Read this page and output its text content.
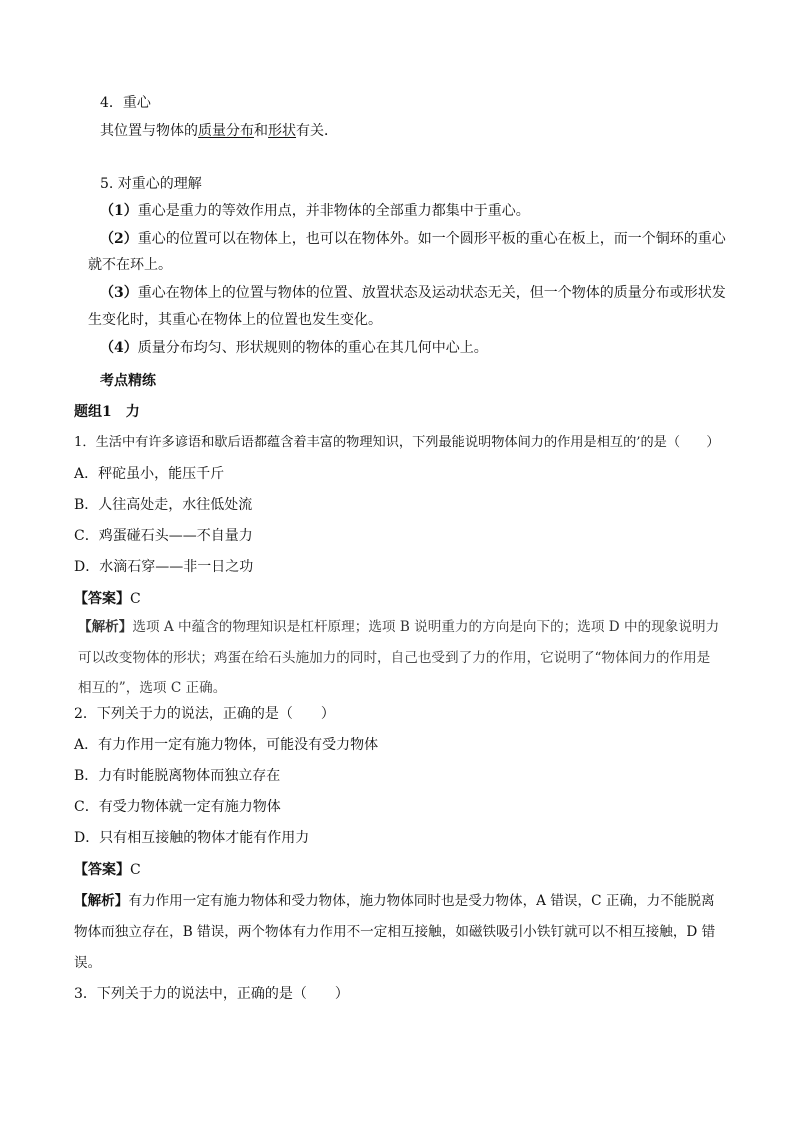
4．重心
其位置与物体的质量分布和形状有关．
5. 对重心的理解
（1）重心是重力的等效作用点，并非物体的全部重力都集中于重心。
（2）重心的位置可以在物体上，也可以在物体外。如一个圆形平板的重心在板上，而一个铜环的重心
就不在环上。
（3）重心在物体上的位置与物体的位置、放置状态及运动状态无关，但一个物体的质量分布或形状发
生变化时，其重心在物体上的位置也发生变化。
（4）质量分布均匀、形状规则的物体的重心在其几何中心上。
考点精练
题组1　力
1．生活中有许多谚语和歇后语都蕴含着丰富的物理知识，下列最能说明物体间力的作用是相互的’的是（　　）
A．秤砣虽小，能压千斤
B．人往高处走，水往低处流
C．鸡蛋碰石头——不自量力
D．水滴石穿——非一日之功
【答案】C
【解析】选项 A 中蕴含的物理知识是杠杆原理；选项 B 说明重力的方向是向下的；选项 D 中的现象说明力
可以改变物体的形状；鸡蛋在给石头施加力的同时，自己也受到了力的作用，它说明了“物体间力的作用是
相互的”，选项 C 正确。
2．下列关于力的说法，正确的是（　　）
A．有力作用一定有施力物体，可能没有受力物体
B．力有时能脱离物体而独立存在
C．有受力物体就一定有施力物体
D．只有相互接触的物体才能有作用力
【答案】C
【解析】有力作用一定有施力物体和受力物体，施力物体同时也是受力物体，A 错误，C 正确，力不能脱离
物体而独立存在，B 错误，两个物体有力作用不一定相互接触，如磁铁吸引小铁钉就可以不相互接触，D 错
误。
3．下列关于力的说法中，正确的是（　　）
